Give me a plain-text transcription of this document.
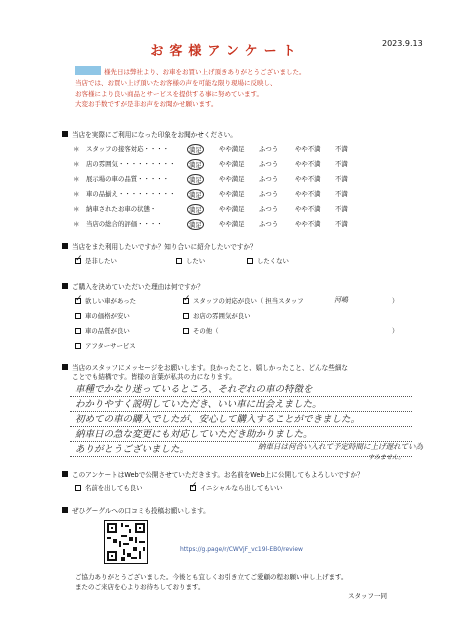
お客様アンケート
2023.9.13
様先日は弊社より、お車をお買い上げ頂きありがとうございました。
当店では、お買い上げ頂いたお客様の声を可能な限り現場に反映し、
お客様により良い商品とサービスを提供する事に努めています。
大変お手数ですが是非お声をお聞かせ願います。
当店を実際にご利用になった印象をお聞かせください。
＊ スタッフの接客対応・・・・	満足	やや満足 ふつう	やや不満 不満
＊ 店の雰囲気・・・・・・・・・	満足	やや満足 ふつう	やや不満 不満
＊ 展示場の車の品質・・・・・	満足	やや満足 ふつう	やや不満 不満
＊ 車の品揃え・・・・・・・・・	満足	やや満足 ふつう	やや不満 不満
＊ 納車されたお車の状態・	満足	やや満足 ふつう	やや不満 不満
＊ 当店の総合的評価・・・・	満足	やや満足 ふつう	やや不満 不満
当店をまた利用したいですか？知り合いに紹介したいですか？
✓是非したい	したい	したくない
ご購入を決めていただいた理由は何ですか？
✓欲しい車があった ✓	スタッフの対応が良い（ 担当スタッフ	河嶋	）
車の価格が安い	お店の雰囲気が良い
車の品質が良い	その他（	）
アフターサービス
当店のスタッフにメッセージをお願いします。良かったこと、嬉しかったこと、どんな些細な
ことでも結構です。皆様の言葉が私共の力になります。
車種でかなり迷っているところ、それぞれの車の特徴を
わかりやすく説明していただき、いい車に出会えました。
初めての車の購入でしたが、安心して購入することができました。
納車日の急な変更にも対応していただき助かりました。
ありがとうございました。	納車日は何合い入れて予定時間に上げ遅れてい為
すみません。
このアンケートはWebで公開させていただきます。お名前をWeb上に公開してもよろしいですか？
名前を出しても良い ✓	イニシャルなら出してもいい
ぜひグーグルへの口コミも投稿お願いします。
https://g.page/r/CWVjF_vc19l-EB0/review
ご協力ありがとうございました。今後とも宜しくお引き立てご愛顧の程お願い申し上げます。
またのご来店を心よりお待ちしております。
スタッフ一同
